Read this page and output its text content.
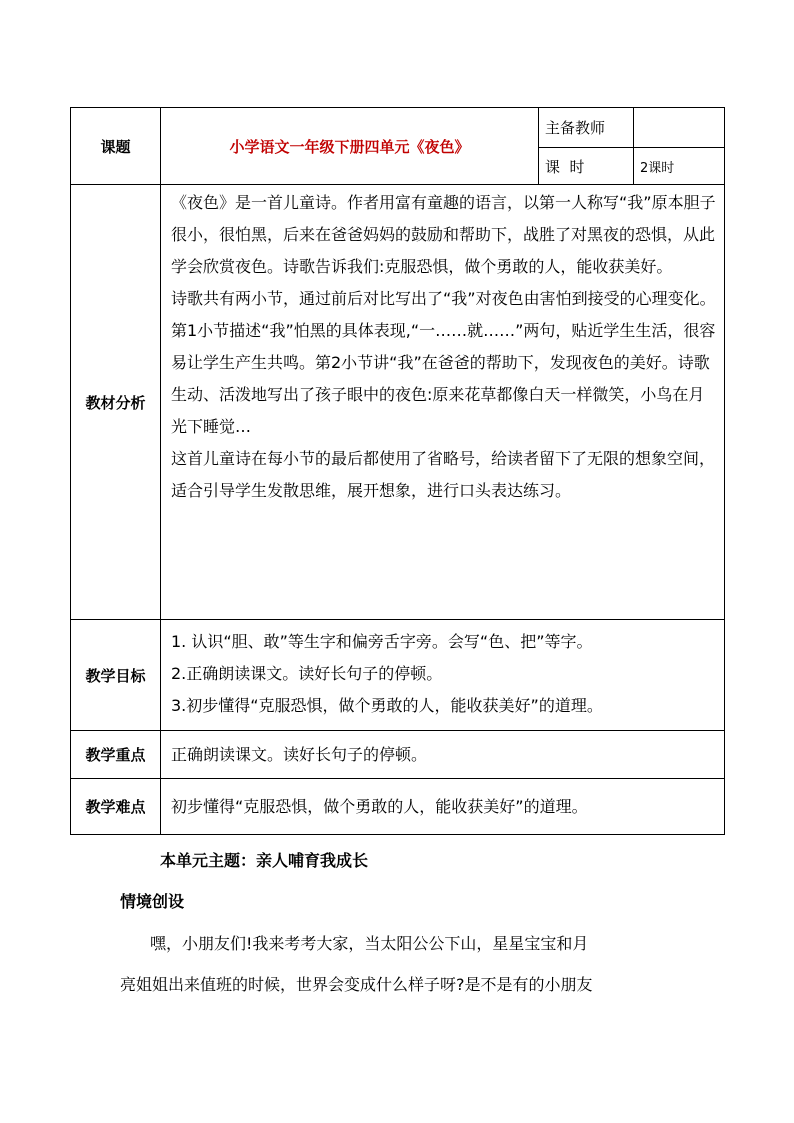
课题	小学语文一年级下册四单元《夜色》	主备教师	
		课  时	2课时
教材分析	《夜色》是一首儿童诗。作者用富有童趣的语言，以第一人称写“我”原本胆子很小，很怕黑，后来在爸爸妈妈的鼓励和帮助下，战胜了对黑夜的恐惧，从此学会欣赏夜色。诗歌告诉我们:克服恐惧，做个勇敢的人，能收获美好。

诗歌共有两小节，通过前后对比写出了“我”对夜色由害怕到接受的心理变化。第1小节描述“我”怕黑的具体表现,“一……就……”两句，贴近学生生活，很容易让学生产生共鸣。第2小节讲“我”在爸爸的帮助下，发现夜色的美好。诗歌生动、活泼地写出了孩子眼中的夜色:原来花草都像白天一样微笑，小鸟在月光下睡觉…

这首儿童诗在每小节的最后都使用了省略号，给读者留下了无限的想象空间，适合引导学生发散思维，展开想象，进行口头表达练习。		

教学目标	1. 认识“胆、敢”等生字和偏旁舌字旁。会写“色、把”等字。

2.正确朗读课文。读好长句子的停顿。

3.初步懂得“克服恐惧，做个勇敢的人，能收获美好”的道理。		

教学重点	正确朗读课文。读好长句子的停顿。		
教学难点	初步懂得“克服恐惧，做个勇敢的人，能收获美好”的道理。		
本单元主题：亲人哺育我成长
情境创设
嘿，小朋友们!我来考考大家，当太阳公公下山，星星宝宝和月
亮姐姐出来值班的时候，世界会变成什么样子呀?是不是有的小朋友
